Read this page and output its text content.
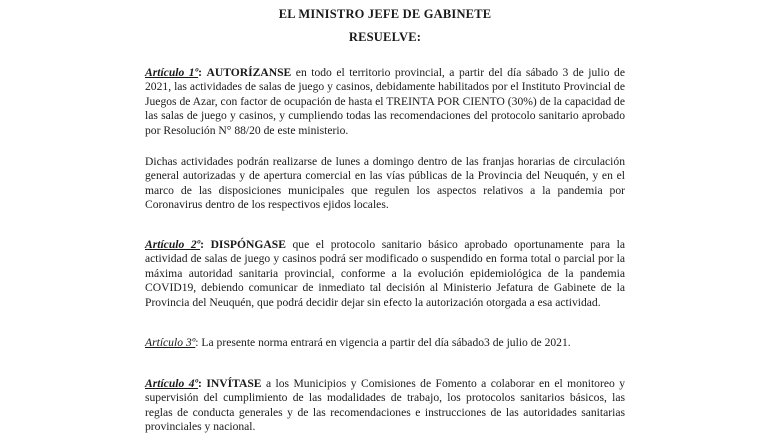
EL MINISTRO JEFE DE GABINETE
RESUELVE:

Artículo 1º: AUTORÍZANSE en todo el territorio provincial, a partir del día sábado 3 de julio de 2021, las actividades de salas de juego y casinos, debidamente habilitados por el Instituto Provincial de Juegos de Azar, con factor de ocupación de hasta el TREINTA POR CIENTO (30%) de la capacidad de las salas de juego y casinos, y cumpliendo todas las recomendaciones del protocolo sanitario aprobado por Resolución N° 88/20 de este ministerio.

Dichas actividades podrán realizarse de lunes a domingo dentro de las franjas horarias de circulación general autorizadas y de apertura comercial en las vías públicas de la Provincia del Neuquén, y en el marco de las disposiciones municipales que regulen los aspectos relativos a la pandemia por Coronavirus dentro de los respectivos ejidos locales.

Artículo 2º: DISPÓNGASE que el protocolo sanitario básico aprobado oportunamente para la actividad de salas de juego y casinos podrá ser modificado o suspendido en forma total o parcial por la máxima autoridad sanitaria provincial, conforme a la evolución epidemiológica de la pandemia COVID19, debiendo comunicar de inmediato tal decisión al Ministerio Jefatura de Gabinete de la Provincia del Neuquén, que podrá decidir dejar sin efecto la autorización otorgada a esa actividad.

Artículo 3º: La presente norma entrará en vigencia a partir del día sábado3 de julio de 2021.

Artículo 4º: INVÍTASE a los Municipios y Comisiones de Fomento a colaborar en el monitoreo y supervisión del cumplimiento de las modalidades de trabajo, los protocolos sanitarios básicos, las reglas de conducta generales y de las recomendaciones e instrucciones de las autoridades sanitarias provinciales y nacional.
